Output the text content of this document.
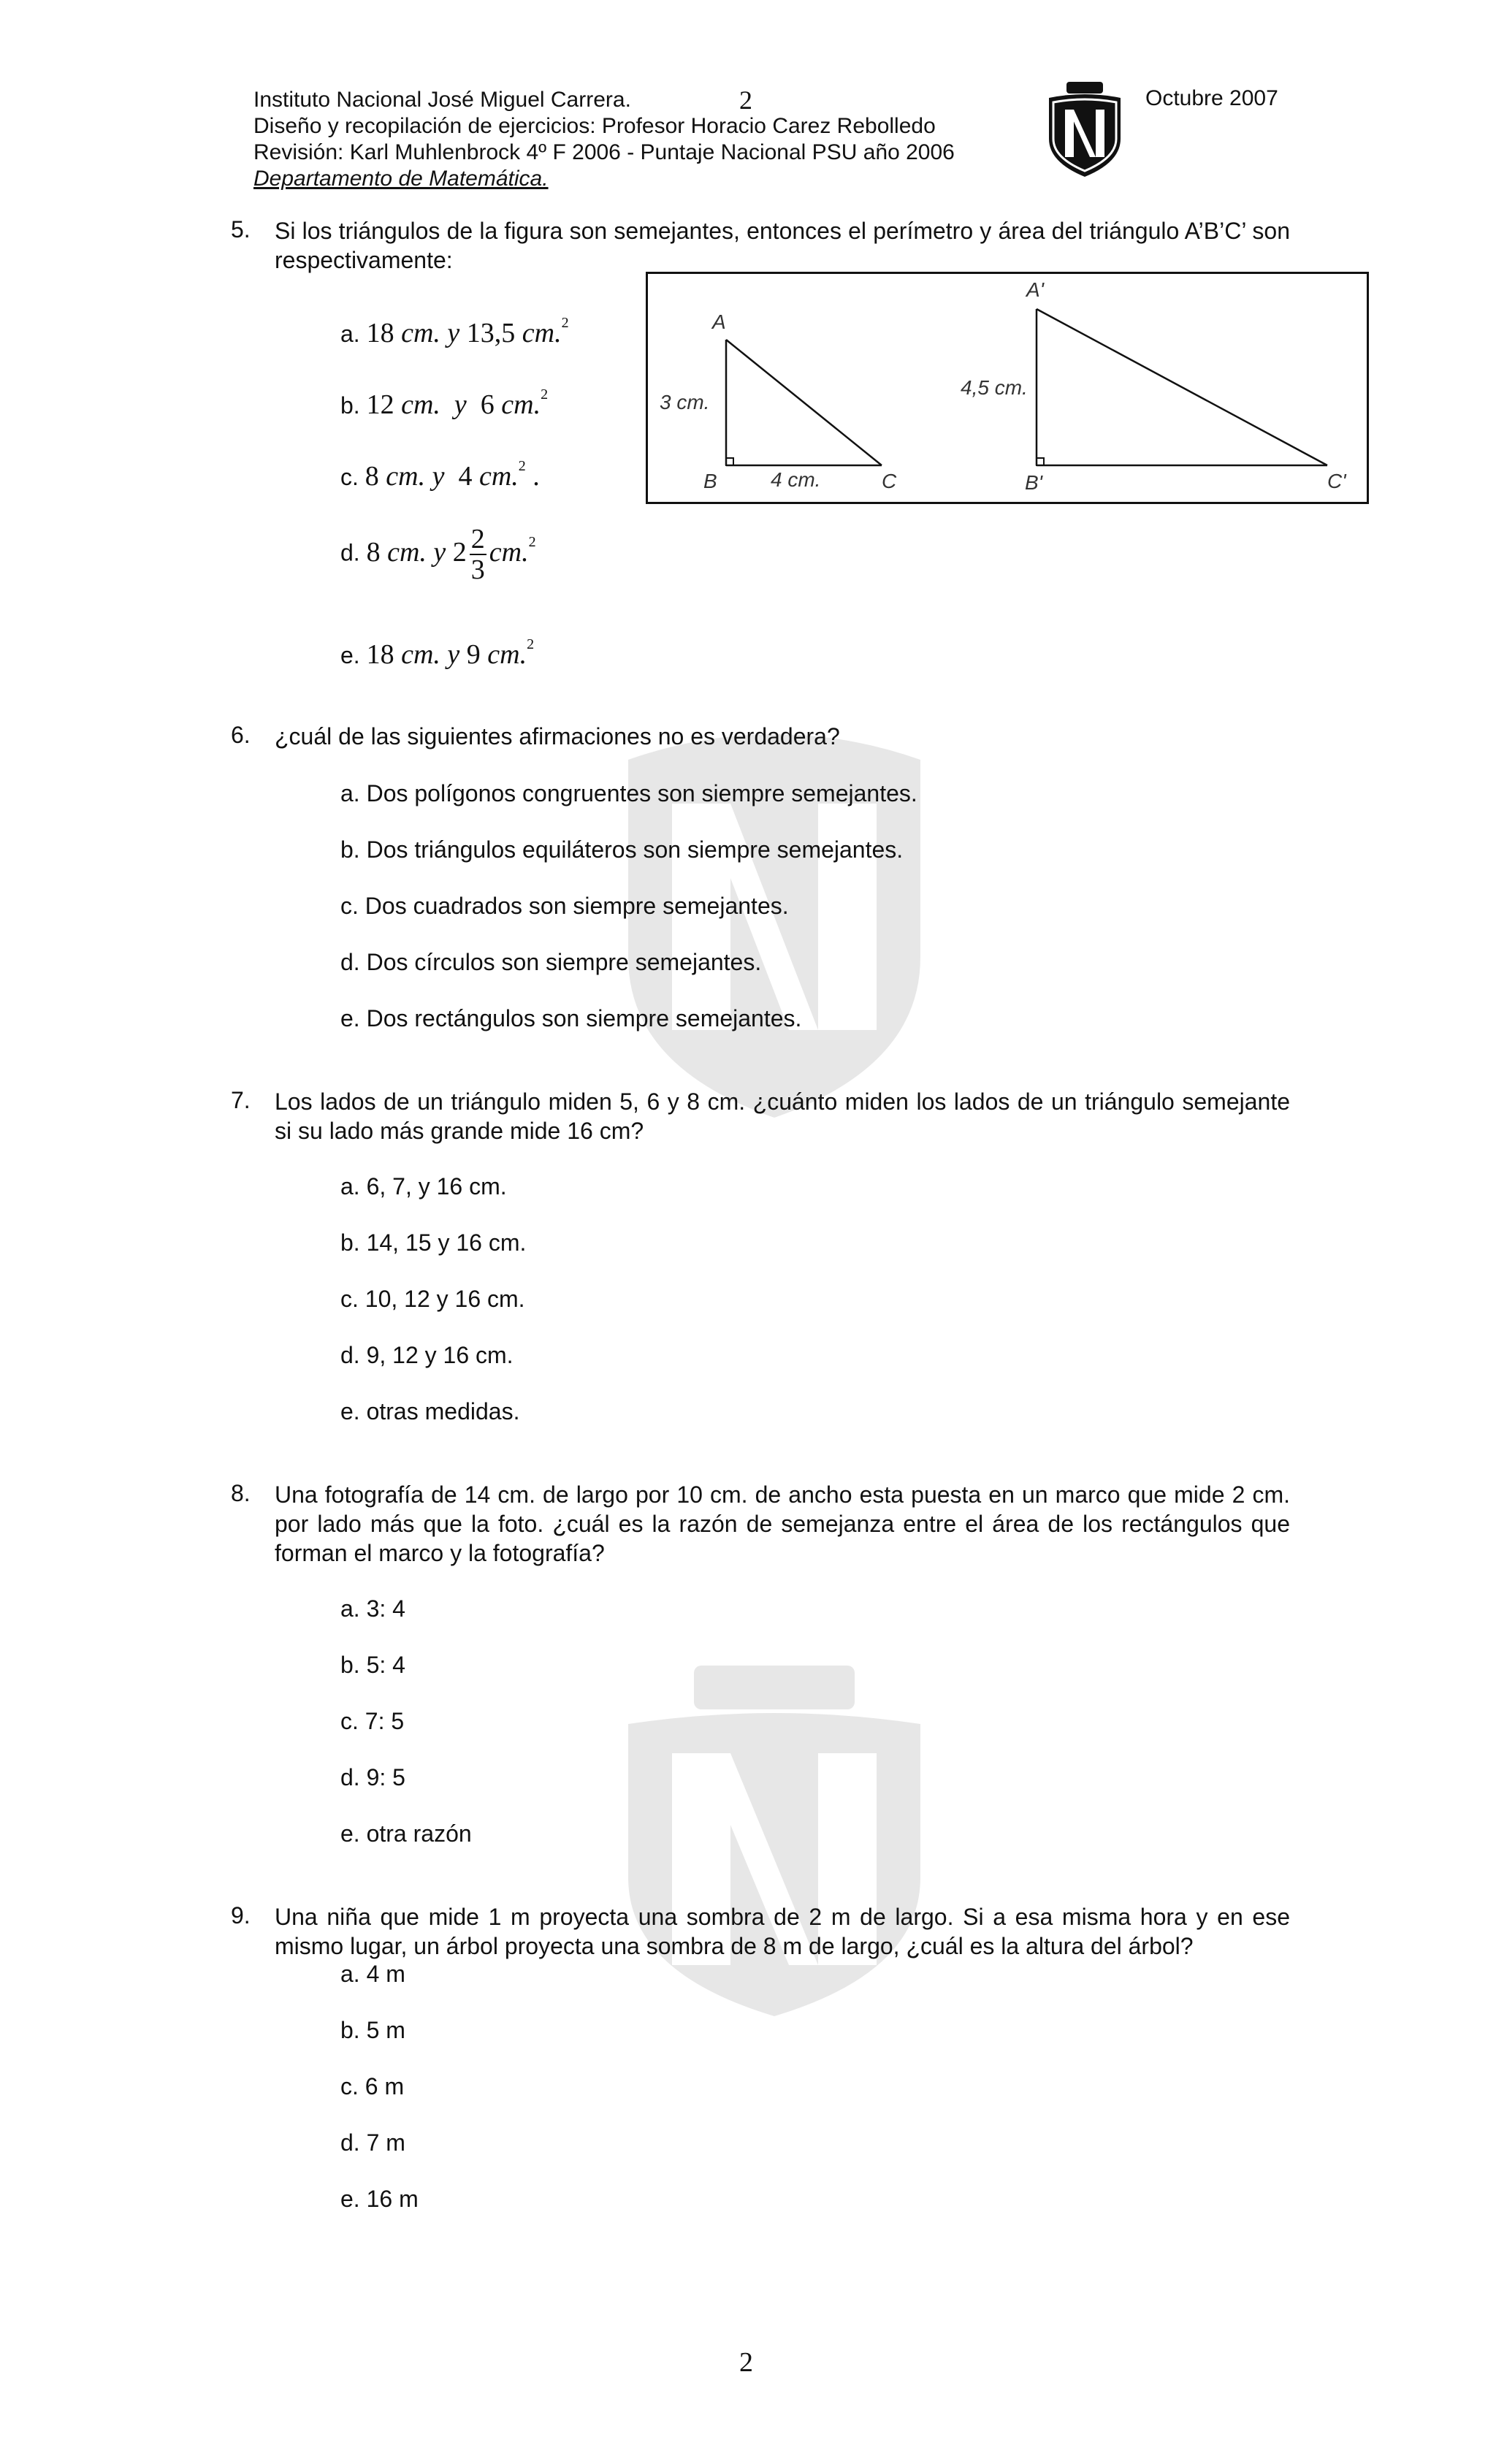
Instituto Nacional José Miguel Carrera.
Diseño y recopilación de ejercicios: Profesor Horacio Carez Rebolledo
Revisión: Karl Muhlenbrock 4º F 2006 - Puntaje Nacional PSU año 2006
Departamento de Matemática.
2	Octubre 2007
5. Si los triángulos de la figura son semejantes, entonces el perímetro y área del triángulo A’B’C’ son respectivamente:
a. 18 cm. y 13,5 cm.$^2$
b. 12 cm. y 6 cm.$^2$
c. 8 cm. y 4 cm.$^2$ .
d. 8 cm. y $2 \frac{2}{3} cm.^2$
e. 18 cm. y 9 cm.$^2$
A
3 cm.
B	4 cm.	C
A'
4,5 cm.
B'	C'
6. ¿cuál de las siguientes afirmaciones no es verdadera?
a. Dos polígonos congruentes son siempre semejantes.
b. Dos triángulos equiláteros son siempre semejantes.
c. Dos cuadrados son siempre semejantes.
d. Dos círculos son siempre semejantes.
e. Dos rectángulos son siempre semejantes.
7. Los lados de un triángulo miden 5, 6 y 8 cm. ¿cuánto miden los lados de un triángulo semejante si su lado más grande mide 16 cm?
a. 6, 7, y 16 cm.
b. 14, 15 y 16 cm.
c. 10, 12 y 16 cm.
d. 9, 12 y 16 cm.
e. otras medidas.
8. Una fotografía de 14 cm. de largo por 10 cm. de ancho esta puesta en un marco que mide 2 cm. por lado más que la foto. ¿cuál es la razón de semejanza entre el área de los rectángulos que forman el marco y la fotografía?
a. 3: 4
b. 5: 4
c. 7: 5
d. 9: 5
e. otra razón
9. Una niña que mide 1 m proyecta una sombra de 2 m de largo. Si a esa misma hora y en ese mismo lugar, un árbol proyecta una sombra de 8 m de largo, ¿cuál es la altura del árbol?
a. 4 m
b. 5 m
c. 6 m
d. 7 m
e. 16 m
2
